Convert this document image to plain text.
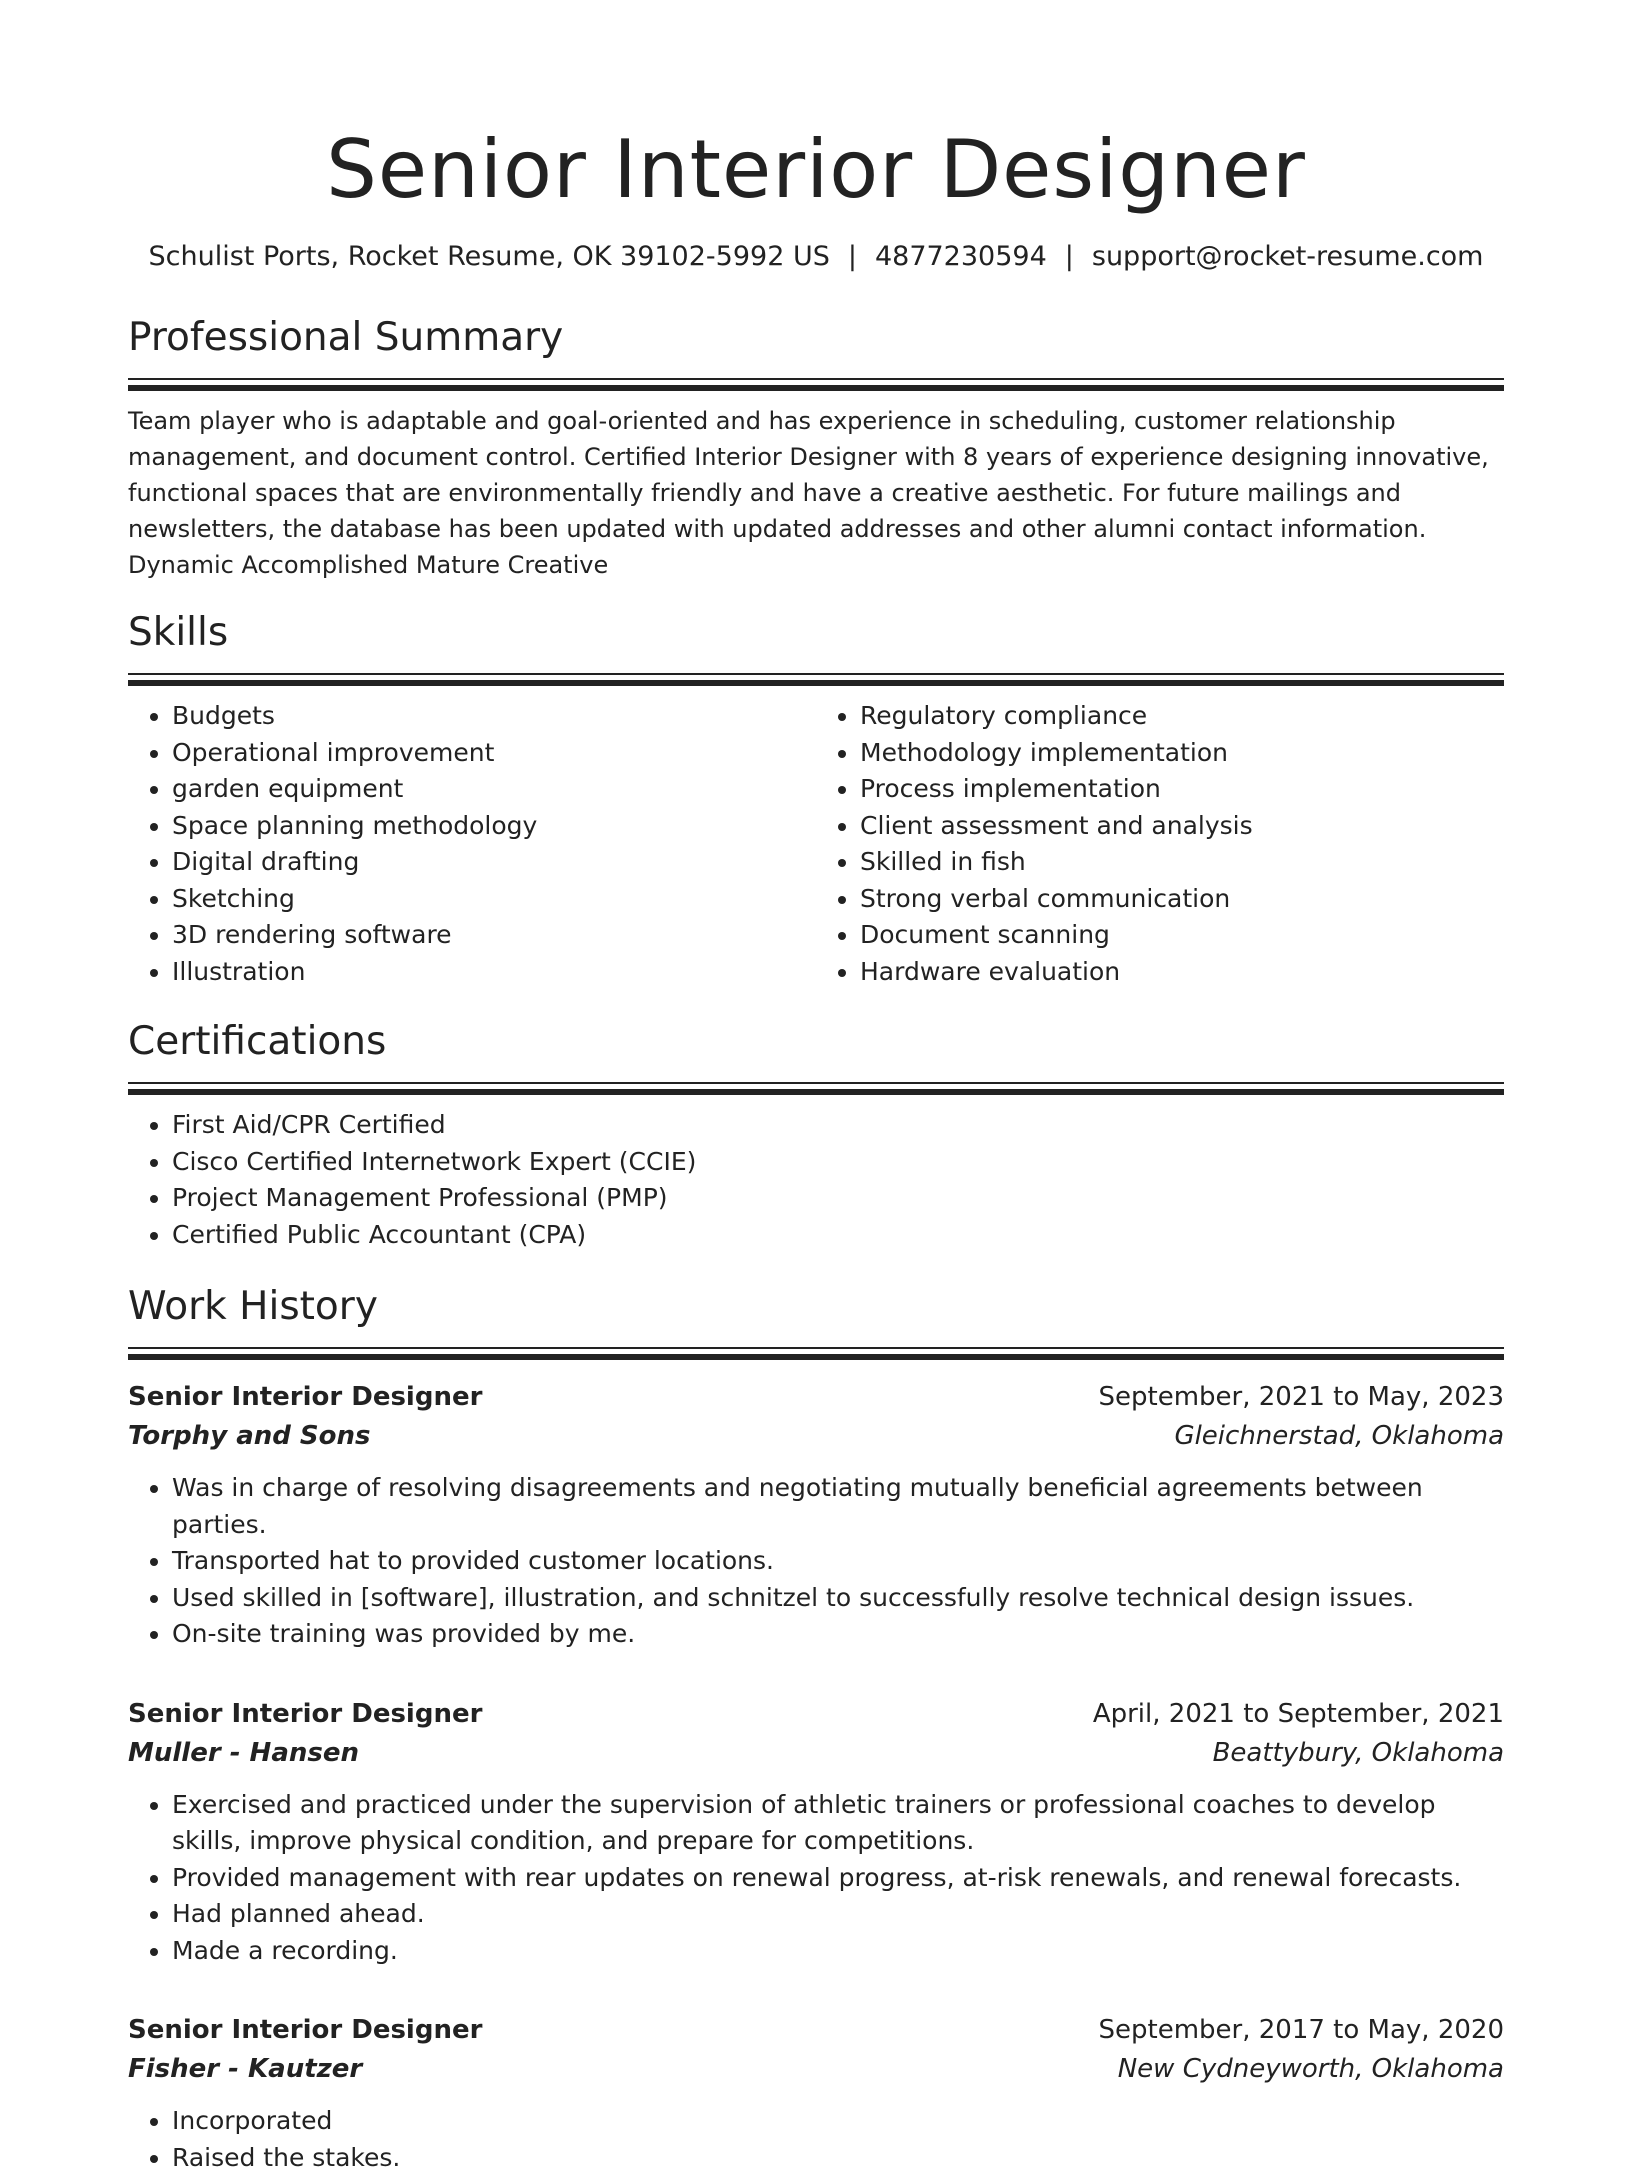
Senior Interior Designer
Schulist Ports, Rocket Resume, OK 39102-5992 US | 4877230594 | support@rocket-resume.com
Professional Summary

Team player who is adaptable and goal-oriented and has experience in scheduling, customer relationship management, and document control. Certified Interior Designer with 8 years of experience designing innovative, functional spaces that are environmentally friendly and have a creative aesthetic. For future mailings and newsletters, the database has been updated with updated addresses and other alumni contact information. Dynamic Accomplished Mature Creative

Skills
• Budgets
• Operational improvement
• garden equipment
• Space planning methodology
• Digital drafting
• Sketching
• 3D rendering software
• Illustration
• Regulatory compliance
• Methodology implementation
• Process implementation
• Client assessment and analysis
• Skilled in fish
• Strong verbal communication
• Document scanning
• Hardware evaluation
Certifications
• First Aid/CPR Certified
• Cisco Certified Internetwork Expert (CCIE)
• Project Management Professional (PMP)
• Certified Public Accountant (CPA)
Work History
Senior Interior Designer	September, 2021 to May, 2023
Torphy and Sons	Gleichnerstad, Oklahoma
• Was in charge of resolving disagreements and negotiating mutually beneficial agreements between parties.
• Transported hat to provided customer locations.
• Used skilled in [software], illustration, and schnitzel to successfully resolve technical design issues.
• On-site training was provided by me.
Senior Interior Designer	April, 2021 to September, 2021
Muller - Hansen	Beattybury, Oklahoma
• Exercised and practiced under the supervision of athletic trainers or professional coaches to develop skills, improve physical condition, and prepare for competitions.
• Provided management with rear updates on renewal progress, at-risk renewals, and renewal forecasts.
• Had planned ahead.
• Made a recording.
Senior Interior Designer	September, 2017 to May, 2020
Fisher - Kautzer	New Cydneyworth, Oklahoma
• Incorporated
• Raised the stakes.
